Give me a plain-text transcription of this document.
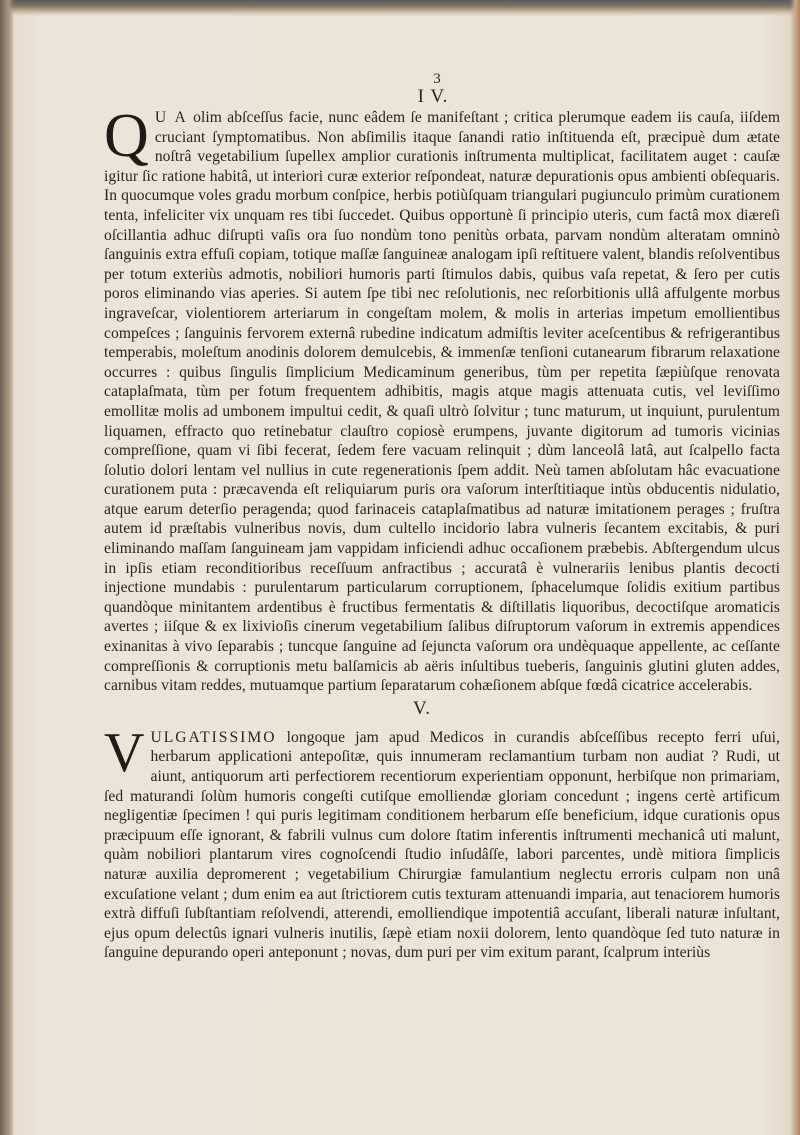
3
I V.

Q U A olim abſceſſus facie, nunc eâdem ſe manifeſtant ; critica plerumque eadem iis cauſa, iiſdem cruciant ſymptomatibus. Non abſimilis itaque ſanandi ratio inſtituenda eſt, præcipuè dum ætate noſtrâ vegetabilium ſupellex amplior curationis inſtrumenta multiplicat, facilitatem auget : cauſæ igitur ſic ratione habitâ, ut interiori curæ exterior reſpondeat, naturæ depurationis opus ambienti obſequaris. In quocumque voles gradu morbum conſpice, herbis potiùſquam triangulari pugiunculo primùm curationem tenta, infeliciter vix unquam res tibi ſuccedet. Quibus opportunè ſi principio uteris, cum factâ mox diæreſi oſcillantia adhuc diſrupti vaſis ora ſuo nondùm tono penitùs orbata, parvam nondùm alteratam omninò ſanguinis extra effuſi copiam, totique maſſæ ſanguineæ analogam ipſi reſtituere valent, blandis reſolventibus per totum exteriùs admotis, nobiliori humoris parti ſtimulos dabis, quibus vaſa repetat, & ſero per cutis poros eliminando vias aperies. Si autem ſpe tibi nec reſolutionis, nec reſorbitionis ullâ affulgente morbus ingraveſcar, violentiorem arteriarum in congeſtam molem, & molis in arterias impetum emollientibus compeſces ; ſanguinis fervorem externâ rubedine indicatum admiſtis leviter aceſcentibus & refrigerantibus temperabis, moleſtum anodinis dolorem demulcebis, & immenſæ tenſioni cutanearum fibrarum relaxatione occurres : quibus ſingulis ſimplicium Medicaminum generibus, tùm per repetita ſæpiùſque renovata cataplaſmata, tùm per fotum frequentem adhibitis, magis atque magis attenuata cutis, vel leviſſimo emollitæ molis ad umbonem impultui cedit, & quaſi ultrò ſolvitur ; tunc maturum, ut inquiunt, purulentum liquamen, effracto quo retinebatur clauſtro copiosè erumpens, juvante digitorum ad tumoris vicinias compreſſione, quam vi ſibi fecerat, ſedem fere vacuam relinquit ; dùm lanceolâ latâ, aut ſcalpello facta ſolutio dolori lentam vel nullius in cute regenerationis ſpem addit. Neù tamen abſolutam hâc evacuatione curationem puta : præcavenda eſt reliquiarum puris ora vaſorum interſtitiaque intùs obducentis nidulatio, atque earum deterſio peragenda; quod farinaceis cataplaſmatibus ad naturæ imitationem perages ; fruſtra autem id præſtabis vulneribus novis, dum cultello incidorio labra vulneris ſecantem excitabis, & puri eliminando maſſam ſanguineam jam vappidam inficiendi adhuc occaſionem præbebis. Abſtergendum ulcus in ipſis etiam reconditioribus receſſuum anfractibus ; accuratâ è vulnerariis lenibus plantis decocti injectione mundabis : purulentarum particularum corruptionem, ſphacelumque ſolidis exitium partibus quandòque minitantem ardentibus è fructibus fermentatis & diſtillatis liquoribus, decoctiſque aromaticis avertes ; iiſque & ex lixivioſis cinerum vegetabilium ſalibus diſruptorum vaſorum in extremis appendices exinanitas à vivo ſeparabis ; tuncque ſanguine ad ſejuncta vaſorum ora undèquaque appellente, ac ceſſante compreſſionis & corruptionis metu balſamicis ab aëris inſultibus tueberis, ſanguinis glutini gluten addes, carnibus vitam reddes, mutuamque partium ſeparatarum cohæſionem abſque fœdâ cicatrice accelerabis.

V.

VULGATISSIMO longoque jam apud Medicos in curandis abſceſſibus recepto ferri uſui, herbarum applicationi antepoſitæ, quis innumeram reclamantium turbam non audiat ? Rudi, ut aiunt, antiquorum arti perfectiorem recentiorum experientiam opponunt, herbiſque non primariam, ſed maturandi ſolùm humoris congeſti cutiſque emolliendæ gloriam concedunt ; ingens certè artificum negligentiæ ſpecimen ! qui puris legitimam conditionem herbarum eſſe beneficium, idque curationis opus præcipuum eſſe ignorant, & fabrili vulnus cum dolore ſtatim inferentis inſtrumenti mechanicâ uti malunt, quàm nobiliori plantarum vires cognoſcendi ſtudio inſudâſſe, labori parcentes, undè mitiora ſimplicis naturæ auxilia depromerent ; vegetabilium Chirurgiæ famulantium neglectu erroris culpam non unâ excuſatione velant ; dum enim ea aut ſtrictiorem cutis texturam attenuandi imparia, aut tenaciorem humoris extrà diffuſi ſubſtantiam reſolvendi, atterendi, emolliendique impotentiâ accuſant, liberali naturæ inſultant, ejus opum delectûs ignari vulneris inutilis, ſæpè etiam noxii dolorem, lento quandòque ſed tuto naturæ in ſanguine depurando operi anteponunt ; novas, dum puri per vim exitum parant, ſcalprum interiùs
